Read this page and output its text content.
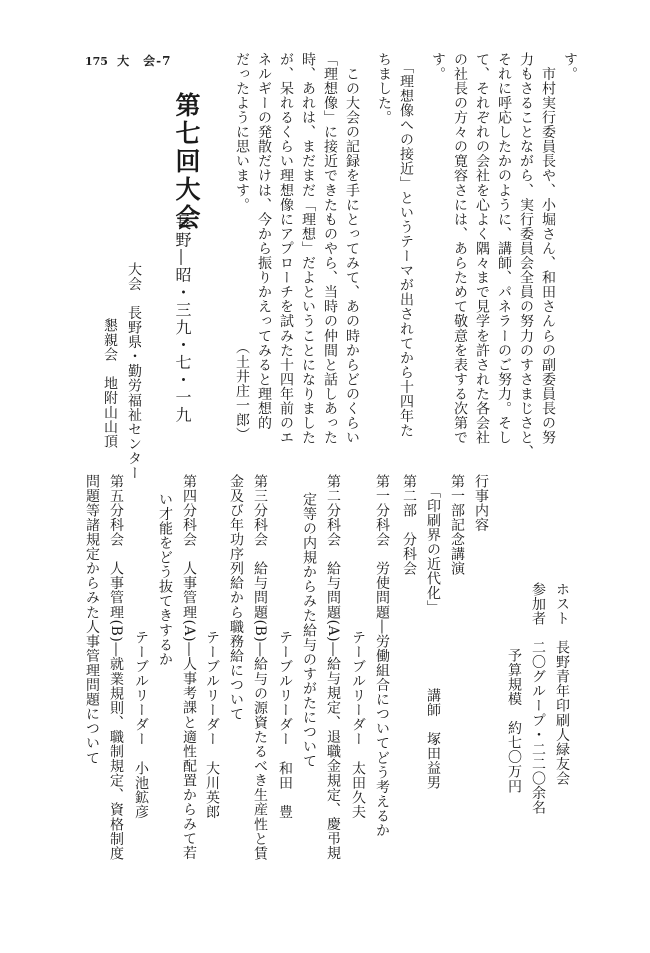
175 大　会-7	す。
　市村実行委員長や、小堀さん、和田さんらの副委員長の努
力もさることながら、実行委員会全員の努力のすさまじさと、
それに呼応したかのように、講師、パネラーのご努力。そし
て、それぞれの会社を心よく隅々まで見学を許された各会社
の社長の方々の寛容さには、あらためて敬意を表する次第で
す。
　「理想像への接近」というテーマが出されてから十四年た
ちました。
　この大会の記録を手にとってみて、あの時からどのくらい
「理想像」に接近できたものやら、当時の仲間と話しあった
時、あれは、まだまだ「理想」だよということになりました
が、呆れるくらい理想像にアプローチを試みた十四年前のエ
ネルギーの発散だけは、今から振りかえってみると理想的
だったように思います。
（土井庄一郎）
第七回大会
長野―昭・三九・七・一九
大会　長野県・勤労福祉センター
懇親会　地附山山頂
ホスト　長野青年印刷人緑友会
参加者　二〇グループ・二二〇余名
予算規模　約七〇万円
行事内容
第一部記念講演
「印刷界の近代化」
講師　塚田益男
第二部　分科会
第一分科会　労使問題―労働組合についてどう考えるか
テーブルリーダー　太田久夫
第二分科会　給与問題(A)―給与規定、退職金規定、慶弔規
定等の内規からみた給与のすがたについて
テーブルリーダー　和田　豊
第三分科会　給与問題(B)―給与の源資たるべき生産性と賃
金及び年功序列給から職務給について
テーブルリーダー　大川英郎
第四分科会　人事管理(A)―人事考課と適性配置からみて若
い才能をどう抜てきするか
テーブルリーダー　小池鉱彦
第五分科会　人事管理(B)―就業規則、職制規定、資格制度
問題等諸規定からみた人事管理問題について
